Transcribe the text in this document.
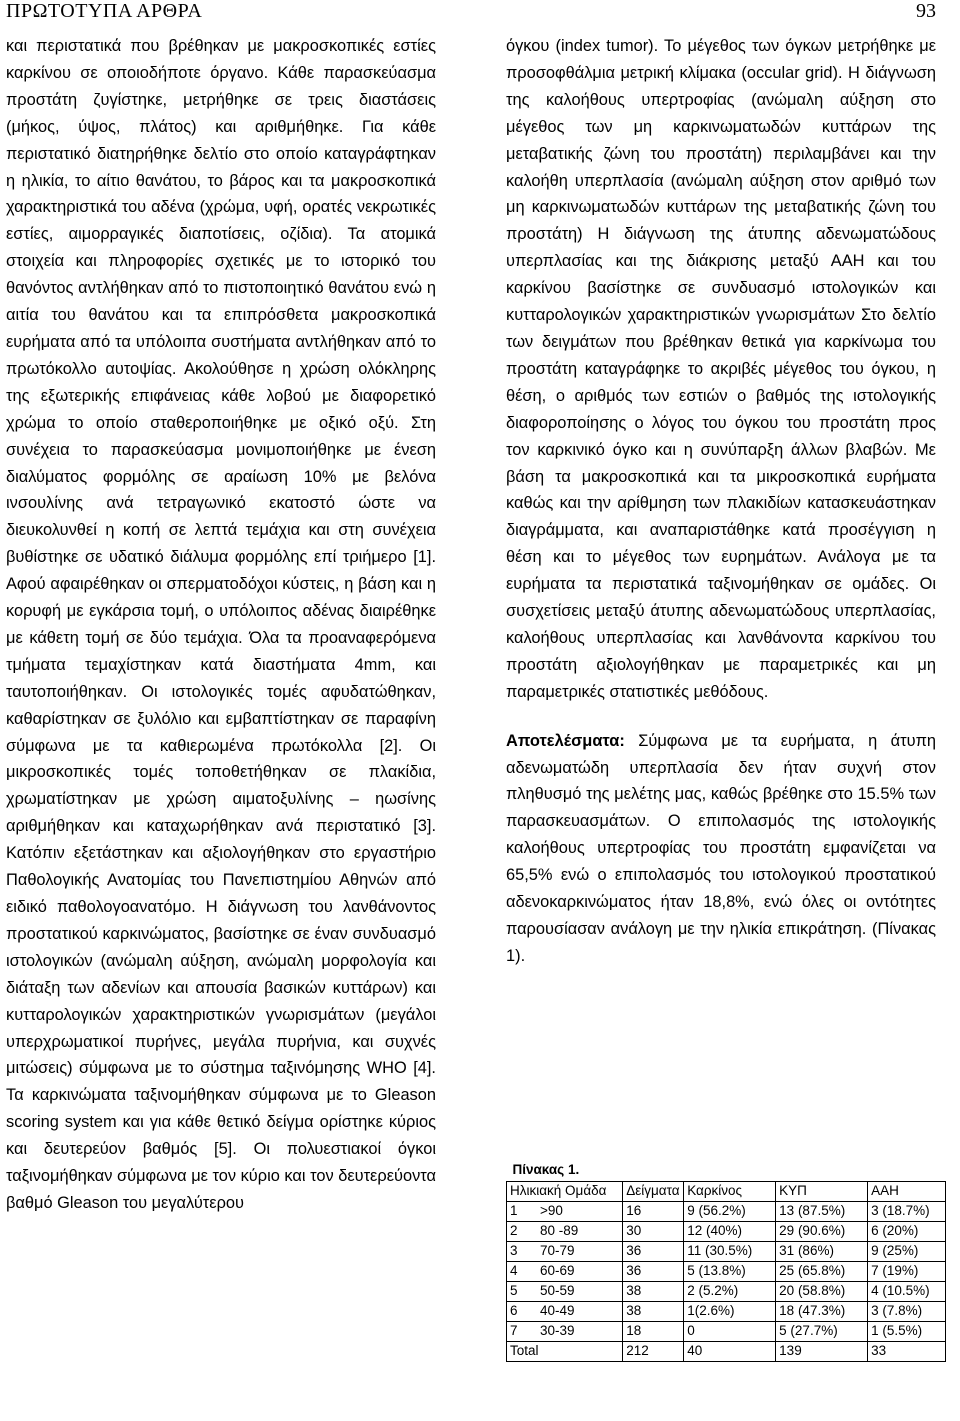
ΠΡΩΤΟΤΥΠΑ ΑΡΘΡΑ	93

και περιστατικά που βρέθηκαν με μακροσκοπικές εστίες καρκίνου σε οποιοδήποτε όργανο. Κάθε παρασκεύασμα προστάτη ζυγίστηκε, μετρήθηκε σε τρεις διαστάσεις (μήκος, ύψος, πλάτος) και αριθμήθηκε. Για κάθε περιστατικό διατηρήθηκε δελτίο στο οποίο καταγράφτηκαν η ηλικία, το αίτιο θανάτου, το βάρος και τα μακροσκοπικά χαρακτηριστικά του αδένα (χρώμα, υφή, ορατές νεκρωτικές εστίες, αιμορραγικές διαποτίσεις, οζίδια). Τα ατομικά στοιχεία και πληροφορίες σχετικές με το ιστορικό του θανόντος αντλήθηκαν από το πιστοποιητικό θανάτου ενώ η αιτία του θανάτου και τα επιπρόσθετα μακροσκοπικά ευρήματα από τα υπόλοιπα συστήματα αντλήθηκαν από το πρωτόκολλο αυτοψίας. Ακολούθησε η χρώση ολόκληρης της εξωτερικής επιφάνειας κάθε λοβού με διαφορετικό χρώμα το οποίο σταθεροποιήθηκε με οξικό οξύ. Στη συνέχεια το παρασκεύασμα μονιμοποιήθηκε με ένεση διαλύματος φορμόλης σε αραίωση 10% με βελόνα ινσουλίνης ανά τετραγωνικό εκατοστό ώστε να διευκολυνθεί η κοπή σε λεπτά τεμάχια και στη συνέχεια βυθίστηκε σε υδατικό διάλυμα φορμόλης επί τριήμερο [1]. Αφού αφαιρέθηκαν οι σπερματοδόχοι κύστεις, η βάση και η κορυφή με εγκάρσια τομή, ο υπόλοιπος αδένας διαιρέθηκε με κάθετη τομή σε δύο τεμάχια. Όλα τα προαναφερόμενα τμήματα τεμαχίστηκαν κατά διαστήματα 4mm, και ταυτοποιήθηκαν. Οι ιστολογικές τομές αφυδατώθηκαν, καθαρίστηκαν σε ξυλόλιο και εμβαπτίστηκαν σε παραφίνη σύμφωνα με τα καθιερωμένα πρωτόκολλα [2]. Οι μικροσκοπικές τομές τοποθετήθηκαν σε πλακίδια, χρωματίστηκαν με χρώση αιματοξυλίνης – ηωσίνης αριθμήθηκαν και καταχωρήθηκαν ανά περιστατικό [3]. Κατόπιν εξετάστηκαν και αξιολογήθηκαν στο εργαστήριο Παθολογικής Ανατομίας του Πανεπιστημίου Αθηνών από ειδικό παθολογοανατόμο. Η διάγνωση του λανθάνοντος προστατικού καρκινώματος, βασίστηκε σε έναν συνδυασμό ιστολογικών (ανώμαλη αύξηση, ανώμαλη μορφολογία και διάταξη των αδενίων και απουσία βασικών κυττάρων) και κυτταρολογικών χαρακτηριστικών γνωρισμάτων (μεγάλοι υπερχρωματικοί πυρήνες, μεγάλα πυρήνια, και συχνές μιτώσεις) σύμφωνα με το σύστημα ταξινόμησης WHO [4]. Τα καρκινώματα ταξινομήθηκαν σύμφωνα με το Gleason scoring system και για κάθε θετικό δείγμα ορίστηκε κύριος και δευτερεύον βαθμός [5]. Οι πολυεστιακοί όγκοι ταξινομήθηκαν σύμφωνα με τον κύριο και τον δευτερεύοντα βαθμό Gleason του μεγαλύτερου

όγκου (index tumor). Το μέγεθος των όγκων μετρήθηκε με προσοφθάλμια μετρική κλίμακα (occular grid). Η διάγνωση της καλοήθους υπερτροφίας (ανώμαλη αύξηση στο μέγεθος των μη καρκινωματωδών κυττάρων της μεταβατικής ζώνη του προστάτη) περιλαμβάνει και την καλοήθη υπερπλασία (ανώμαλη αύξηση στον αριθμό των μη καρκινωματωδών κυττάρων της μεταβατικής ζώνη του προστάτη) Η διάγνωση της άτυπης αδενωματώδους υπερπλασίας και της διάκρισης μεταξύ ΑΑΗ και του καρκίνου βασίστηκε σε συνδυασμό ιστολογικών και κυτταρολογικών χαρακτηριστικών γνωρισμάτων Στο δελτίο των δειγμάτων που βρέθηκαν θετικά για καρκίνωμα του προστάτη καταγράφηκε το ακριβές μέγεθος του όγκου, η θέση, ο αριθμός των εστιών ο βαθμός της ιστολογικής διαφοροποίησης ο λόγος του όγκου του προστάτη προς τον καρκινικό όγκο και η συνύπαρξη άλλων βλαβών. Με βάση τα μακροσκοπικά και τα μικροσκοπικά ευρήματα καθώς και την αρίθμηση των πλακιδίων κατασκευάστηκαν διαγράμματα, και αναπαριστάθηκε κατά προσέγγιση η θέση και το μέγεθος των ευρημάτων. Ανάλογα με τα ευρήματα τα περιστατικά ταξινομήθηκαν σε ομάδες. Οι συσχετίσεις μεταξύ άτυπης αδενωματώδους υπερπλασίας, καλοήθους υπερπλασίας και λανθάνοντα καρκίνου του προστάτη αξιολογήθηκαν με παραμετρικές και μη παραμετρικές στατιστικές μεθόδους.

Αποτελέσματα: Σύμφωνα με τα ευρήματα, η άτυπη αδενωματώδη υπερπλασία δεν ήταν συχνή στον πληθυσμό της μελέτης μας, καθώς βρέθηκε στο 15.5% των παρασκευασμάτων. Ο επιπολασμός της ιστολογικής καλοήθους υπερτροφίας του προστάτη εμφανίζεται να 65,5% ενώ ο επιπολασμός του ιστολογικού προστατικού αδενοκαρκινώματος ήταν 18,8%, ενώ όλες οι οντότητες παρουσίασαν ανάλογη με την ηλικία επικράτηση. (Πίνακας 1).

Πίνακας 1.				
Ηλικιακή Ομάδα	Δείγματα	Καρκίνος	ΚΥΠ	ΑΑΗ
1 >90	16	9 (56.2%)	13 (87.5%)	3 (18.7%)
2 80 -89	30	12 (40%)	29 (90.6%)	6 (20%)
3 70-79	36	11 (30.5%)	31 (86%)	9 (25%)
4 60-69	36	5 (13.8%)	25 (65.8%)	7 (19%)
5 50-59	38	2 (5.2%)	20 (58.8%)	4 (10.5%)
6 40-49	38	1(2.6%)	18 (47.3%)	3 (7.8%)
7 30-39	18	0	5 (27.7%)	1 (5.5%)
Total	212	40	139	33
